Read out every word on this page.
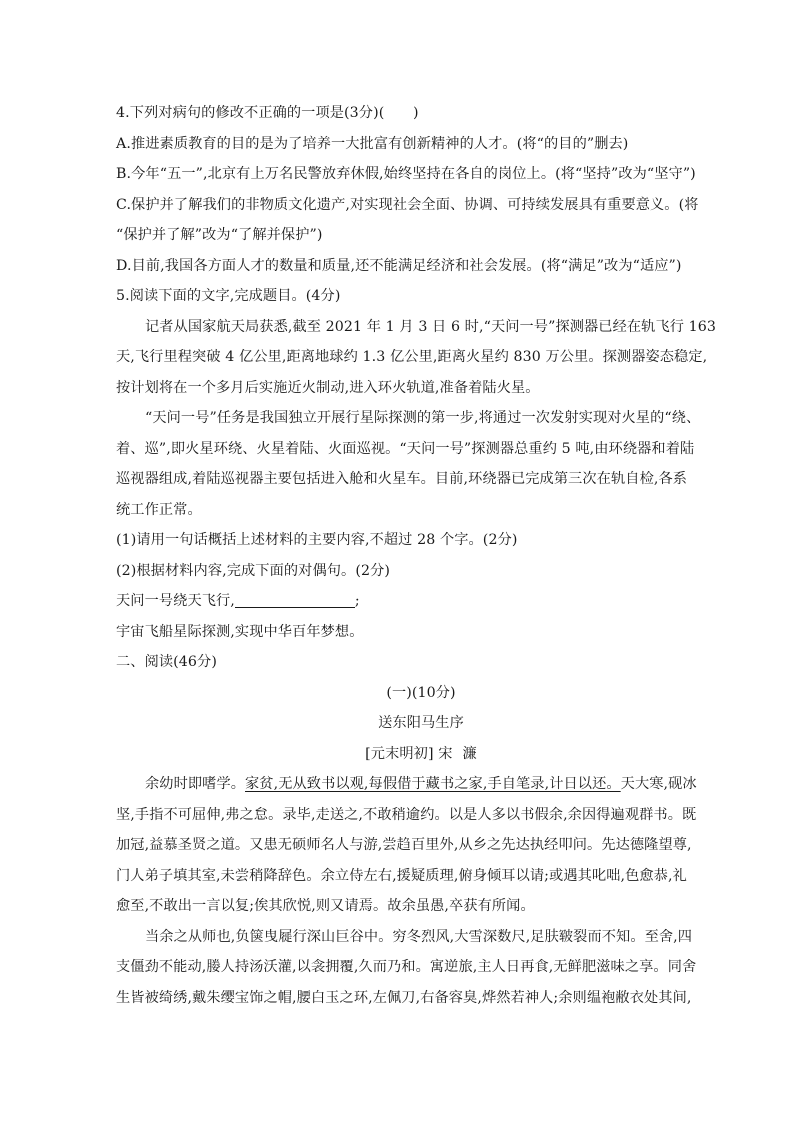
4.下列对病句的修改不正确的一项是(3分)(　　)
A.推进素质教育的目的是为了培养一大批富有创新精神的人才。(将“的目的”删去)
B.今年“五一”,北京有上万名民警放弃休假,始终坚持在各自的岗位上。(将“坚持”改为“坚守”)
C.保护并了解我们的非物质文化遗产,对实现社会全面、协调、可持续发展具有重要意义。(将
“保护并了解”改为“了解并保护”)
D.目前,我国各方面人才的数量和质量,还不能满足经济和社会发展。(将“满足”改为“适应”)
5.阅读下面的文字,完成题目。(4分)
记者从国家航天局获悉,截至 2021 年 1 月 3 日 6 时,“天问一号”探测器已经在轨飞行 163
天,飞行里程突破 4 亿公里,距离地球约 1.3 亿公里,距离火星约 830 万公里。探测器姿态稳定,
按计划将在一个多月后实施近火制动,进入环火轨道,准备着陆火星。
“天问一号”任务是我国独立开展行星际探测的第一步,将通过一次发射实现对火星的“绕、
着、巡”,即火星环绕、火星着陆、火面巡视。“天问一号”探测器总重约 5 吨,由环绕器和着陆
巡视器组成,着陆巡视器主要包括进入舱和火星车。目前,环绕器已完成第三次在轨自检,各系
统工作正常。
(1)请用一句话概括上述材料的主要内容,不超过 28 个字。(2分)
(2)根据材料内容,完成下面的对偶句。(2分)
天问一号绕天飞行,	;
宇宙飞船星际探测,实现中华百年梦想。
二、阅读(46分)
(一)(10分)
送东阳马生序
[元末明初] 宋 濂
余幼时即嗜学。家贫,无从致书以观,每假借于藏书之家,手自笔录,计日以还。天大寒,砚冰
坚,手指不可屈伸,弗之怠。录毕,走送之,不敢稍逾约。以是人多以书假余,余因得遍观群书。既
加冠,益慕圣贤之道。又患无硕师名人与游,尝趋百里外,从乡之先达执经叩问。先达德隆望尊,
门人弟子填其室,未尝稍降辞色。余立侍左右,援疑质理,俯身倾耳以请;或遇其叱咄,色愈恭,礼
愈至,不敢出一言以复;俟其欣悦,则又请焉。故余虽愚,卒获有所闻。
当余之从师也,负箧曳屣行深山巨谷中。穷冬烈风,大雪深数尺,足肤皲裂而不知。至舍,四
支僵劲不能动,媵人持汤沃灌,以衾拥覆,久而乃和。寓逆旅,主人日再食,无鲜肥滋味之享。同舍
生皆被绮绣,戴朱缨宝饰之帽,腰白玉之环,左佩刀,右备容臭,烨然若神人;余则缊袍敝衣处其间,
